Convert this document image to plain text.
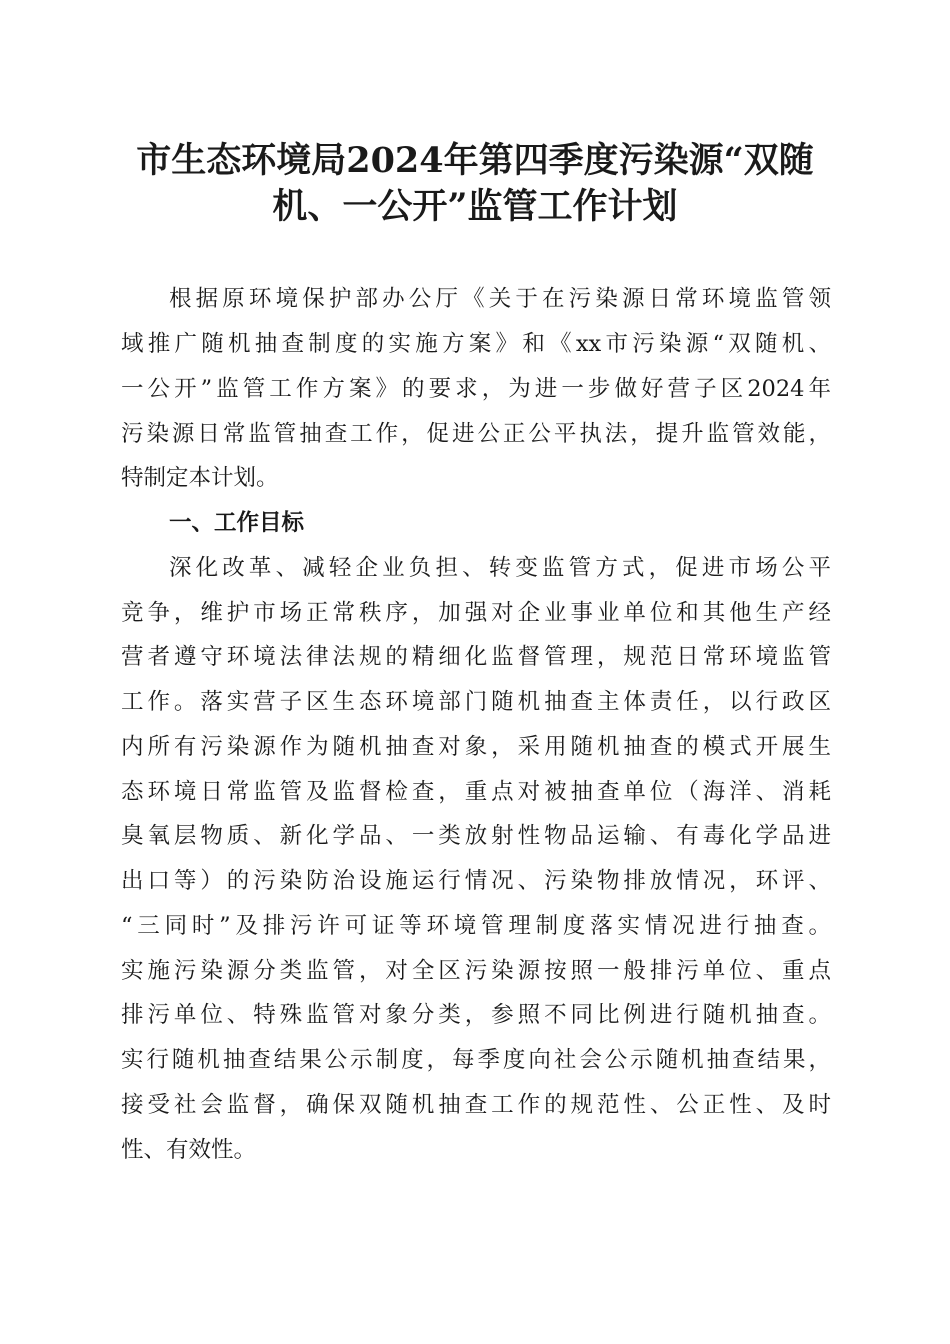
市生态环境局2024年第四季度污染源“双随
机、一公开”监管工作计划

根据原环境保护部办公厅《关于在污染源日常环境监管领

域推广随机抽查制度的实施方案》和《xx市污染源“双随机、

一公开”监管工作方案》的要求，为进一步做好营子区2024年

污染源日常监管抽查工作，促进公正公平执法，提升监管效能，

特制定本计划。

一、工作目标

深化改革、减轻企业负担、转变监管方式，促进市场公平

竞争，维护市场正常秩序，加强对企业事业单位和其他生产经

营者遵守环境法律法规的精细化监督管理，规范日常环境监管

工作。落实营子区生态环境部门随机抽查主体责任，以行政区

内所有污染源作为随机抽查对象，采用随机抽查的模式开展生

态环境日常监管及监督检查，重点对被抽查单位（海洋、消耗

臭氧层物质、新化学品、一类放射性物品运输、有毒化学品进

出口等）的污染防治设施运行情况、污染物排放情况，环评、

“三同时”及排污许可证等环境管理制度落实情况进行抽查。

实施污染源分类监管，对全区污染源按照一般排污单位、重点

排污单位、特殊监管对象分类，参照不同比例进行随机抽查。

实行随机抽查结果公示制度，每季度向社会公示随机抽查结果，

接受社会监督，确保双随机抽查工作的规范性、公正性、及时

性、有效性。
